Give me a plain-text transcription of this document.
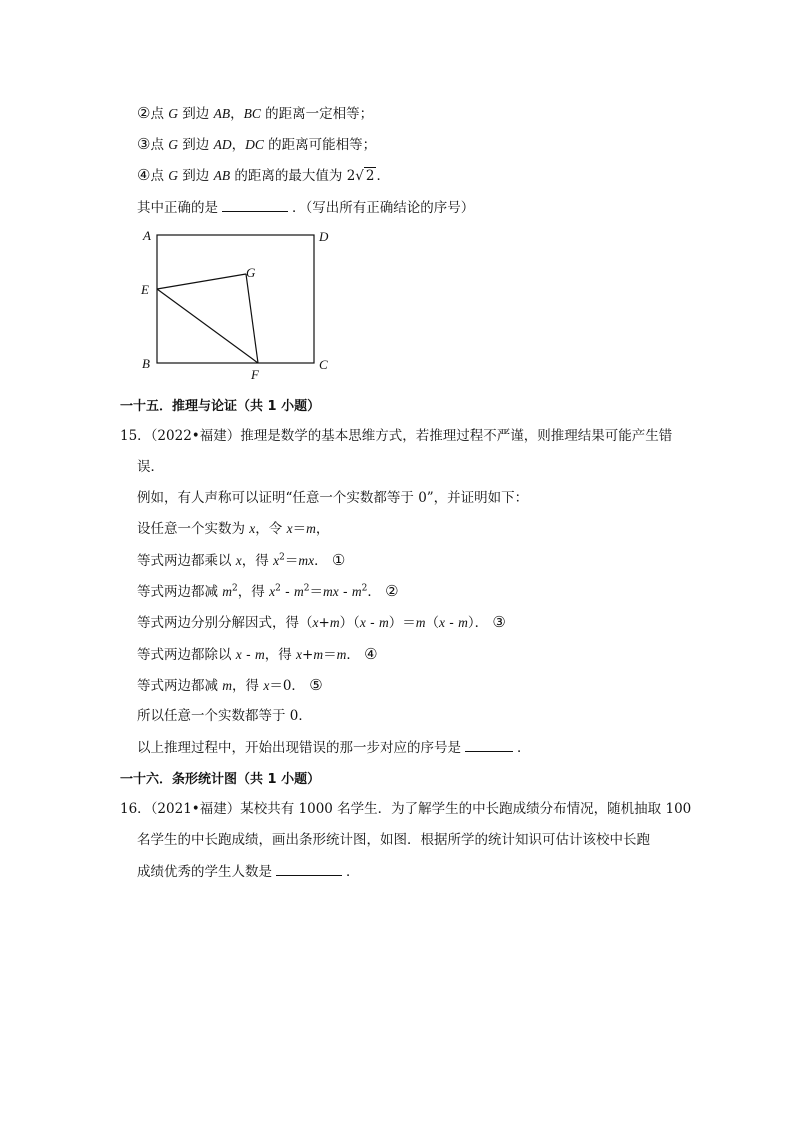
②点 G 到边 AB，BC 的距离一定相等；
③点 G 到边 AD，DC 的距离可能相等；
④点 G 到边 AB 的距离的最大值为 2√ 2 ．
其中正确的是	．（写出所有正确结论的序号）
A	D
E
G
B	C
F
一十五．推理与论证（共 1 小题）
15．（2022•福建）推理是数学的基本思维方式，若推理过程不严谨，则推理结果可能产生错
误．
例如，有人声称可以证明“任意一个实数都等于 0”，并证明如下：
设任意一个实数为 x，令 x＝m，
等式两边都乘以 x，得 $x^2=mx$． ①
等式两边都减 $m^2$，得 $x^2 - m^2=mx - m^2$． ②
等式两边分别分解因式，得（x+m）（x - m）＝m（x - m）． ③
等式两边都除以 x - m，得 x+m＝m． ④
等式两边都减 m，得 x＝0． ⑤
所以任意一个实数都等于 0．
以上推理过程中，开始出现错误的那一步对应的序号是	．
一十六．条形统计图（共 1 小题）
16．（2021•福建）某校共有 1000 名学生．为了解学生的中长跑成绩分布情况，随机抽取 100
名学生的中长跑成绩，画出条形统计图，如图．根据所学的统计知识可估计该校中长跑
成绩优秀的学生人数是	．
